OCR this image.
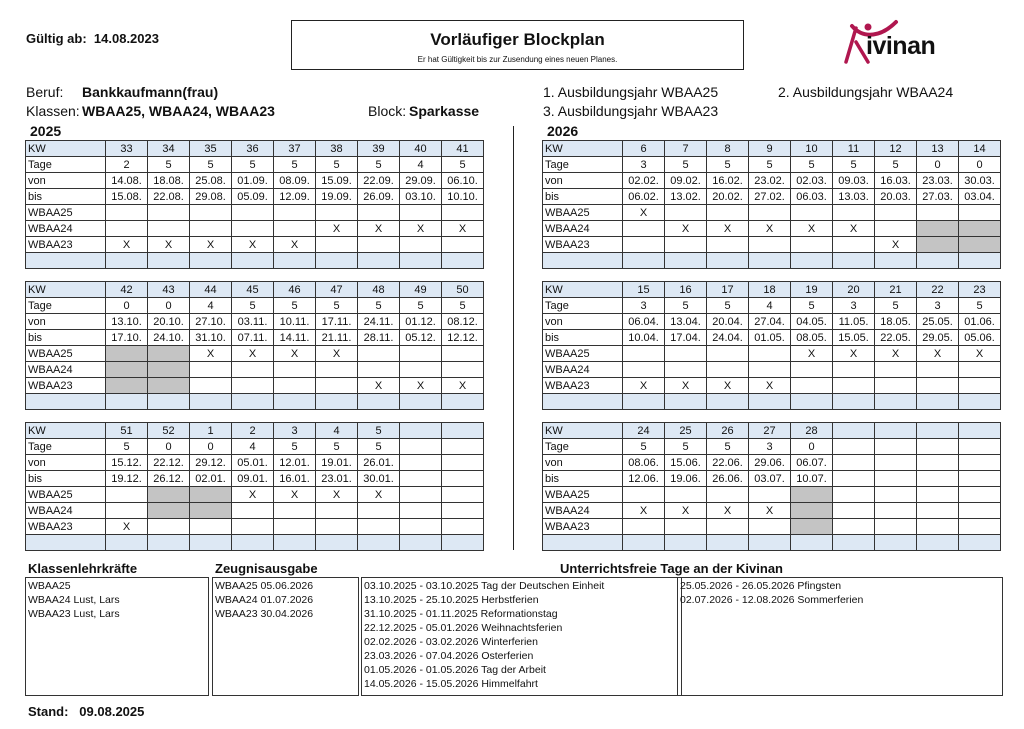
Gültig ab: 14.08.2023	Vorläufiger Blockplan
Er hat Gültigkeit bis zur Zusendung eines neuen Planes.	ivinan

Beruf: Bankkaufmann(frau)
Klassen: WBAA25, WBAA24, WBAA23	Block: Sparkasse
1. Ausbildungsjahr WBAA25	2. Ausbildungsjahr WBAA24
3. Ausbildungsjahr WBAA23
2025	2026
KW	33	34	35	36	37	38	39	40	41
Tage	2	5	5	5	5	5	5	4	5
von	14.08.	18.08.	25.08.	01.09.	08.09.	15.09.	22.09.	29.09.	06.10.
bis	15.08.	22.08.	29.08.	05.09.	12.09.	19.09.	26.09.	03.10.	10.10.
WBAA25									
WBAA24						X	X	X	X
WBAA23	X	X	X	X	X				

KW	6	7	8	9	10	11	12	13	14
Tage	3	5	5	5	5	5	5	0	0
von	02.02.	09.02.	16.02.	23.02.	02.03.	09.03.	16.03.	23.03.	30.03.
bis	06.02.	13.02.	20.02.	27.02.	06.03.	13.03.	20.03.	27.03.	03.04.
WBAA25	X								
WBAA24		X	X	X	X	X			
WBAA23							X		

KW	42	43	44	45	46	47	48	49	50
Tage	0	0	4	5	5	5	5	5	5
von	13.10.	20.10.	27.10.	03.11.	10.11.	17.11.	24.11.	01.12.	08.12.
bis	17.10.	24.10.	31.10.	07.11.	14.11.	21.11.	28.11.	05.12.	12.12.
WBAA25			X	X	X	X			
WBAA24									
WBAA23							X	X	X

KW	15	16	17	18	19	20	21	22	23
Tage	3	5	5	4	5	3	5	3	5
von	06.04.	13.04.	20.04.	27.04.	04.05.	11.05.	18.05.	25.05.	01.06.
bis	10.04.	17.04.	24.04.	01.05.	08.05.	15.05.	22.05.	29.05.	05.06.
WBAA25					X	X	X	X	X
WBAA24									
WBAA23	X	X	X	X					

KW	51	52	1	2	3	4	5		
Tage	5	0	0	4	5	5	5		
von	15.12.	22.12.	29.12.	05.01.	12.01.	19.01.	26.01.		
bis	19.12.	26.12.	02.01.	09.01.	16.01.	23.01.	30.01.		
WBAA25				X	X	X	X		
WBAA24									
WBAA23	X								

KW	24	25	26	27	28				
Tage	5	5	5	3	0				
von	08.06.	15.06.	22.06.	29.06.	06.07.				
bis	12.06.	19.06.	26.06.	03.07.	10.07.				
WBAA25									
WBAA24	X	X	X	X					
WBAA23									

Klassenlehrkräfte	Zeugnisausgabe	Unterrichtsfreie Tage an der Kivinan
WBAA25
WBAA24 Lust, Lars
WBAA23 Lust, Lars
WBAA25 05.06.2026
WBAA24 01.07.2026
WBAA23 30.04.2026
03.10.2025 - 03.10.2025 Tag der Deutschen Einheit
13.10.2025 - 25.10.2025 Herbstferien
31.10.2025 - 01.11.2025 Reformationstag
22.12.2025 - 05.01.2026 Weihnachtsferien
02.02.2026 - 03.02.2026 Winterferien
23.03.2026 - 07.04.2026 Osterferien
01.05.2026 - 01.05.2026 Tag der Arbeit
14.05.2026 - 15.05.2026 Himmelfahrt
25.05.2026 - 26.05.2026 Pfingsten
02.07.2026 - 12.08.2026 Sommerferien
Stand: 09.08.2025
